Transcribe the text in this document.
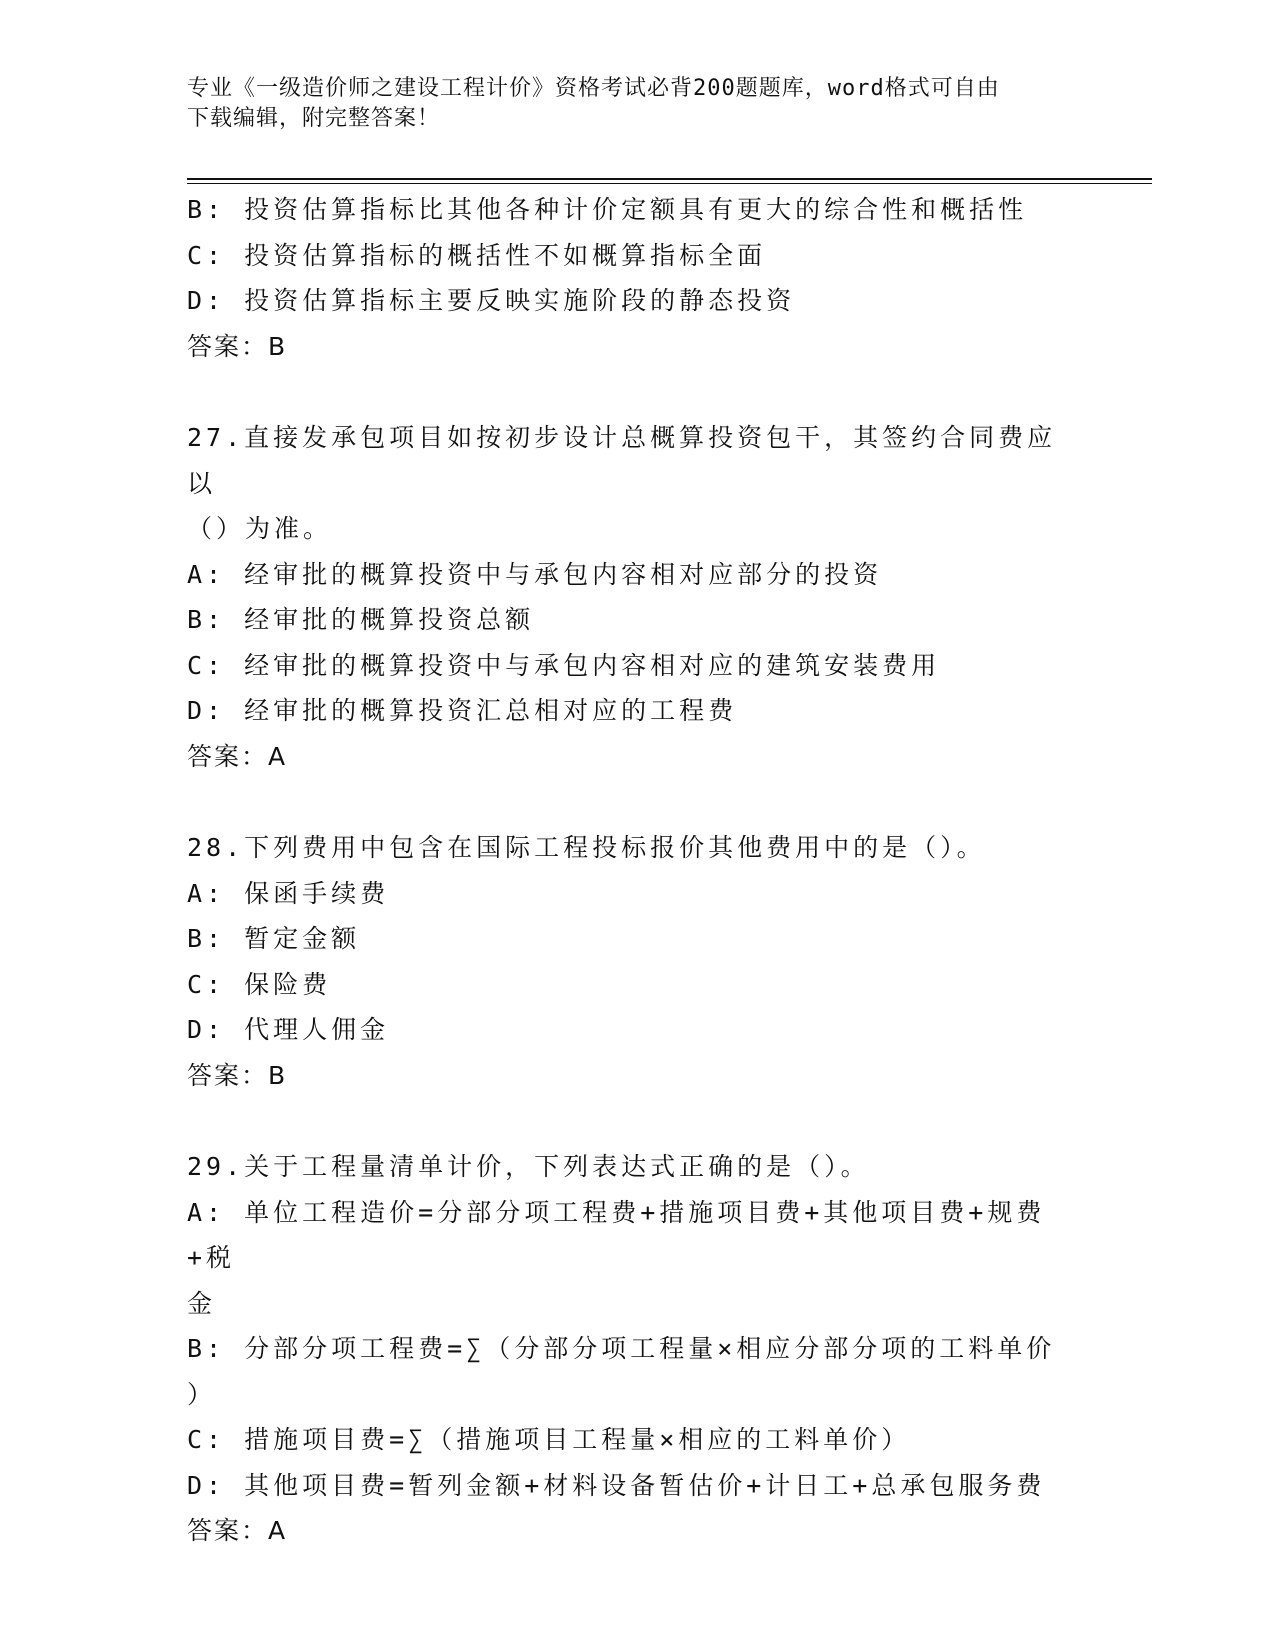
专业《一级造价师之建设工程计价》资格考试必背200题题库，word格式可自由

下载编辑，附完整答案！

B: 投资估算指标比其他各种计价定额具有更大的综合性和概括性

C: 投资估算指标的概括性不如概算指标全面

D: 投资估算指标主要反映实施阶段的静态投资

答案：B

27.直接发承包项目如按初步设计总概算投资包干，其签约合同费应以

（）为准。

A: 经审批的概算投资中与承包内容相对应部分的投资

B: 经审批的概算投资总额

C: 经审批的概算投资中与承包内容相对应的建筑安装费用

D: 经审批的概算投资汇总相对应的工程费

答案：A

28.下列费用中包含在国际工程投标报价其他费用中的是（）。

A: 保函手续费

B: 暂定金额

C: 保险费

D: 代理人佣金

答案：B

29.关于工程量清单计价，下列表达式正确的是（）。

A: 单位工程造价=分部分项工程费+措施项目费+其他项目费+规费+税

金

B: 分部分项工程费=∑（分部分项工程量×相应分部分项的工料单价

）

C: 措施项目费=∑（措施项目工程量×相应的工料单价）

D: 其他项目费=暂列金额+材料设备暂估价+计日工+总承包服务费

答案：A
